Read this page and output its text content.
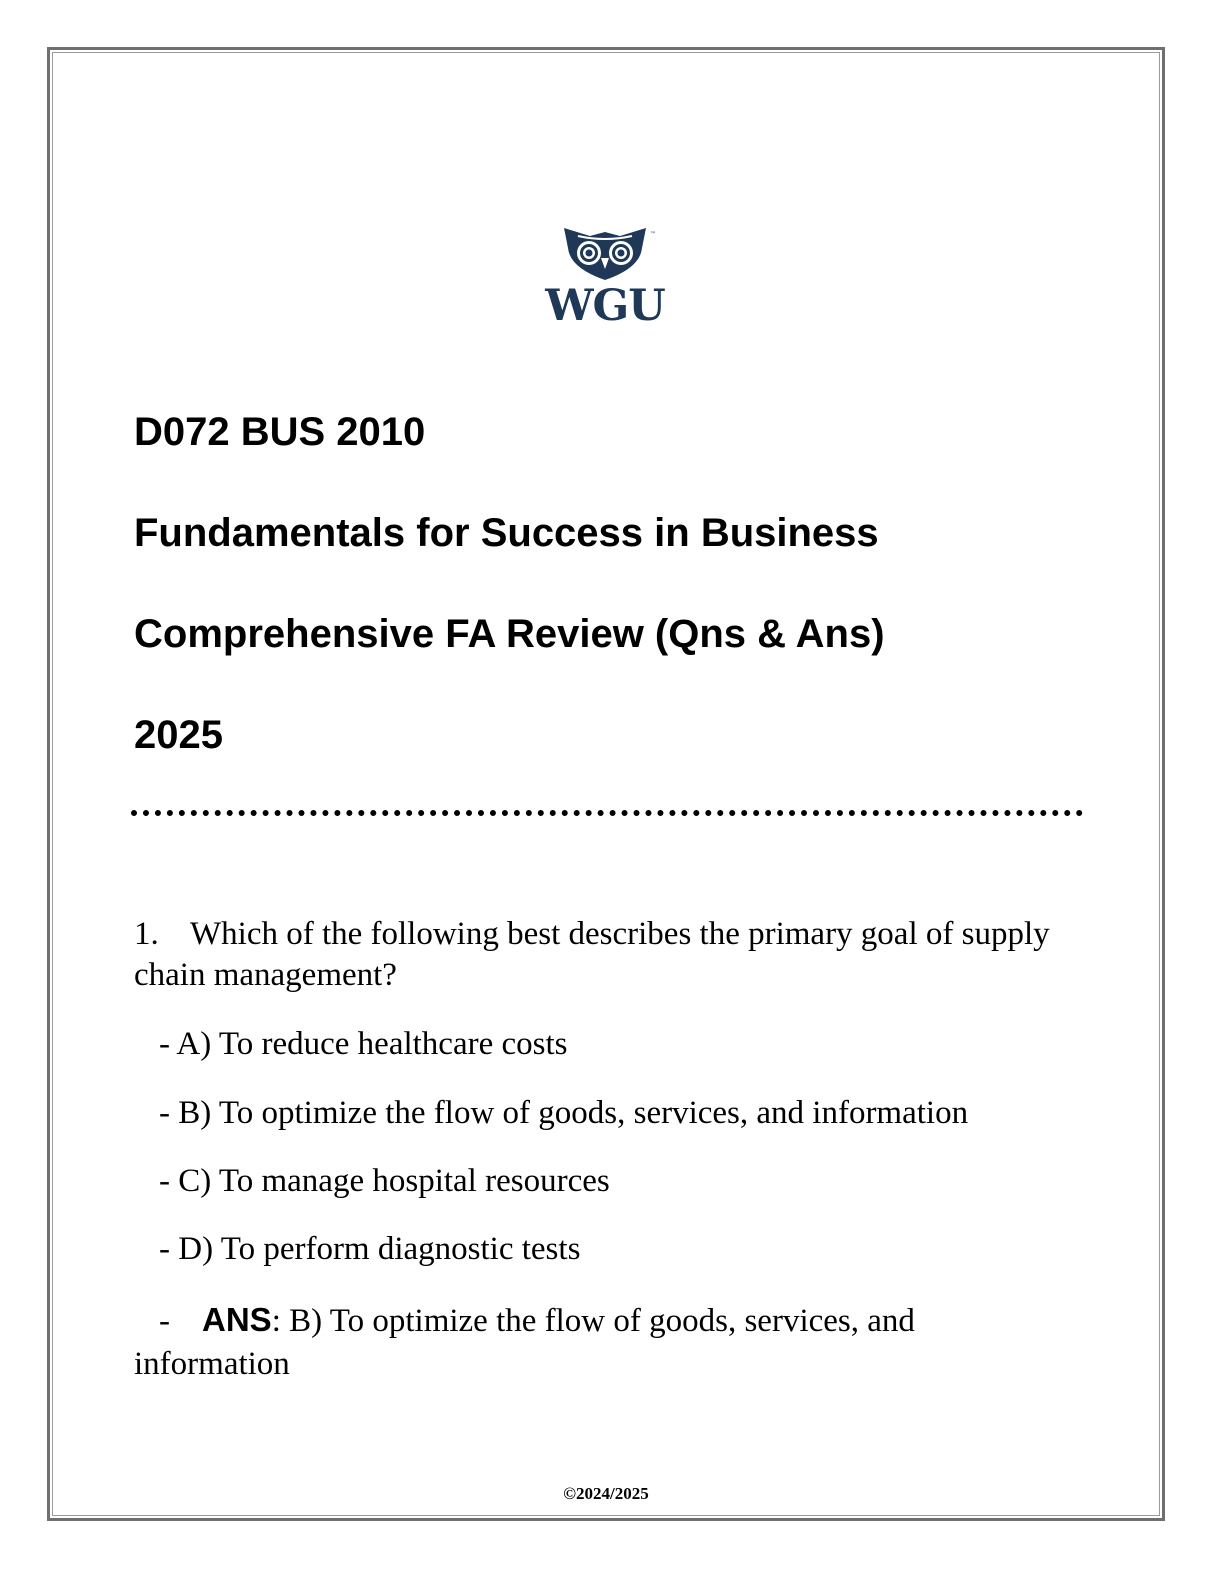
™
WGU
D072 BUS 2010
Fundamentals for Success in Business
Comprehensive FA Review (Qns & Ans)
2025
1. Which of the following best describes the primary goal of supply chain management?
- A) To reduce healthcare costs
- B) To optimize the flow of goods, services, and information
- C) To manage hospital resources
- D) To perform diagnostic tests
- ANS: B) To optimize the flow of goods, services, and information
©2024/2025
